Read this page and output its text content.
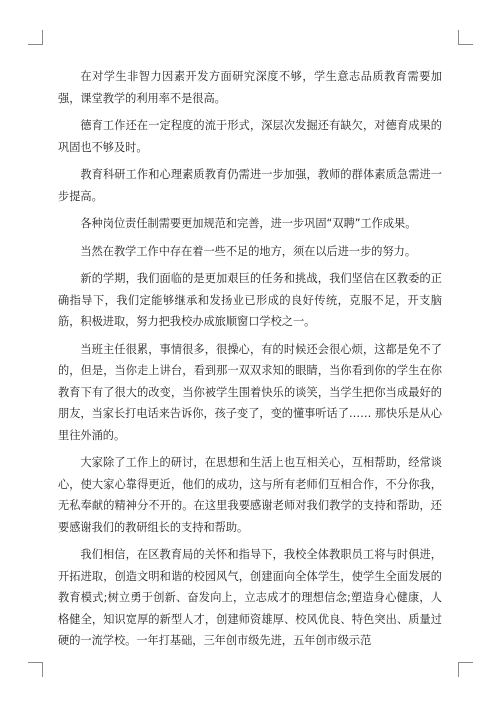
在对学生非智力因素开发方面研究深度不够，学生意志品质教育需要加强，课堂教学的利用率不是很高。

德育工作还在一定程度的流于形式，深层次发掘还有缺欠，对德育成果的巩固也不够及时。

教育科研工作和心理素质教育仍需进一步加强，教师的群体素质急需进一步提高。

各种岗位责任制需要更加规范和完善，进一步巩固“双聘”工作成果。

当然在教学工作中存在着一些不足的地方，须在以后进一步的努力。

新的学期，我们面临的是更加艰巨的任务和挑战，我们坚信在区教委的正确指导下，我们定能够继承和发扬业已形成的良好传统，克服不足，开支脑筋，积极进取，努力把我校办成旅顺窗口学校之一。

当班主任很累，事情很多，很操心，有的时候还会很心烦，这都是免不了的，但是，当你走上讲台，看到那一双双求知的眼睛，当你看到你的学生在你教育下有了很大的改变，当你被学生围着快乐的谈笑，当学生把你当成最好的朋友，当家长打电话来告诉你，孩子变了，变的懂事听话了…… 那快乐是从心里往外涌的。

大家除了工作上的研讨，在思想和生活上也互相关心，互相帮助，经常谈心，使大家心靠得更近，他们的成功，这与所有老师们互相合作，不分你我，无私奉献的精神分不开的。在这里我要感谢老师对我们教学的支持和帮助，还要感谢我们的教研组长的支持和帮助。

我们相信，在区教育局的关怀和指导下，我校全体教职员工将与时俱进，开拓进取，创造文明和谐的校园风气，创建面向全体学生，使学生全面发展的教育模式;树立勇于创新、奋发向上，立志成才的理想信念;塑造身心健康，人格健全，知识宽厚的新型人才，创建师资雄厚、校风优良、特色突出、质量过硬的一流学校。一年打基础，三年创市级先进，五年创市级示范
